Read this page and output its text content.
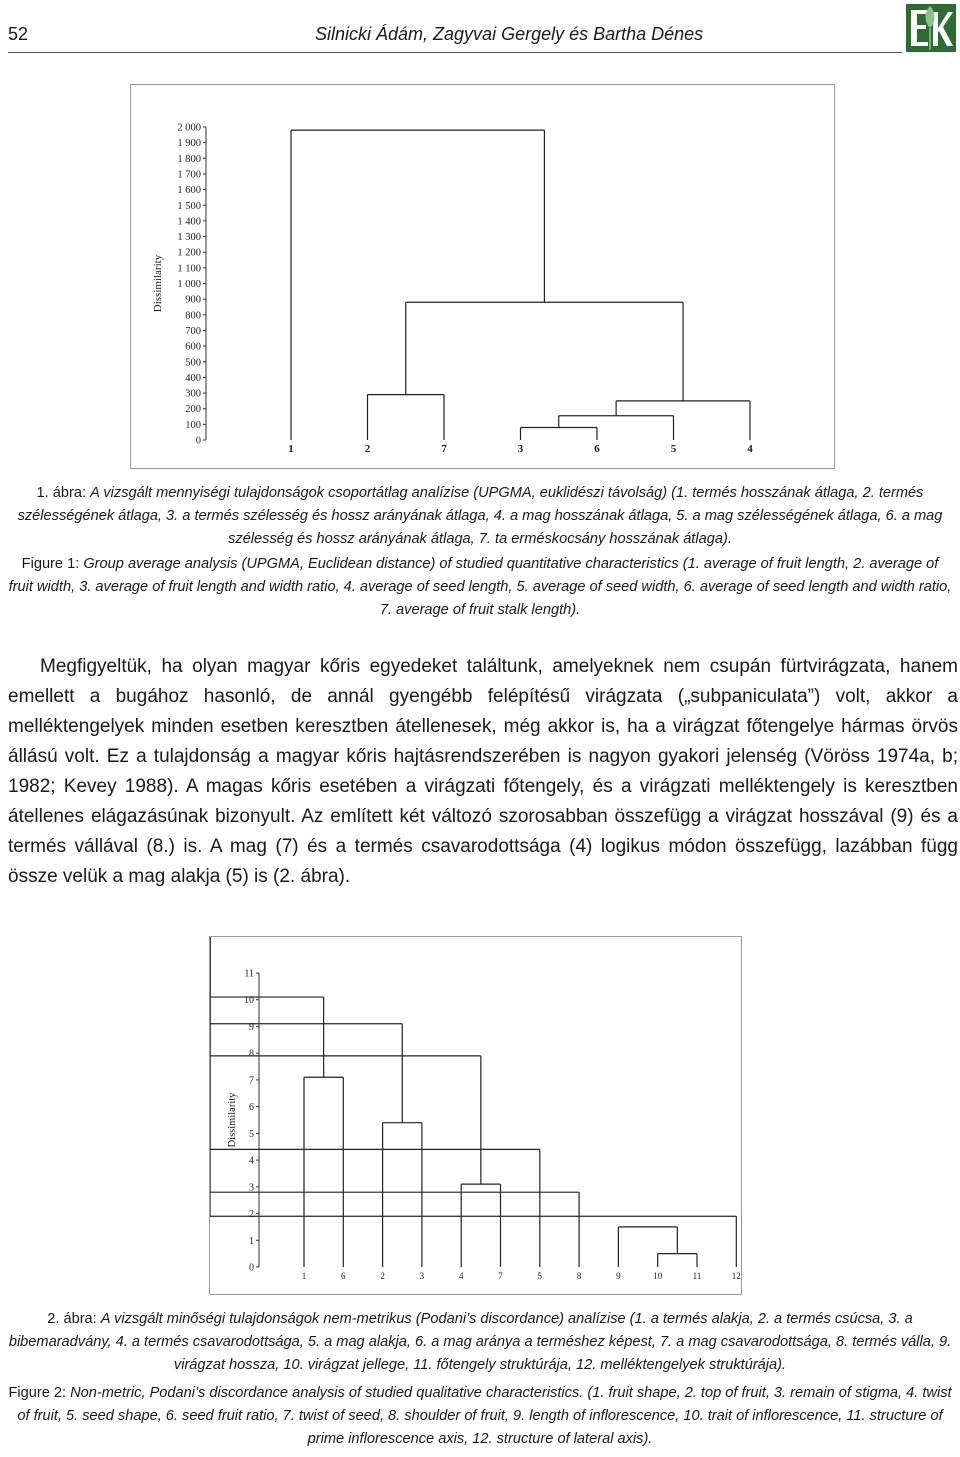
52	Silnicki Ádám, Zagyvai Gergely és Bartha Dénes
2 000
1 900
1 800
1 700
1 600
1 500
1 400
1 300
1 200
1 100
1 000
900
800
700
600
500
400
300
200
100
0
Dissimilarity
1	2	7	3	6	5	4
1. ábra: A vizsgált mennyiségi tulajdonságok csoportátlag analízise (UPGMA, euklidészi távolság) (1. termés hosszának átlaga, 2. termés szélességének átlaga, 3. a termés szélesség és hossz arányának átlaga, 4. a mag hosszának átlaga, 5. a mag szélességének átlaga, 6. a mag szélesség és hossz arányának átlaga, 7. ta erméskocsány hosszának átlaga).
Figure 1: Group average analysis (UPGMA, Euclidean distance) of studied quantitative characteristics (1. average of fruit length, 2. average of fruit width, 3. average of fruit length and width ratio, 4. average of seed length, 5. average of seed width, 6. average of seed length and width ratio, 7. average of fruit stalk length).
Megfigyeltük, ha olyan magyar kőris egyedeket találtunk, amelyeknek nem csupán fürtvirágzata, hanem emellett a bugához hasonló, de annál gyengébb felépítésű virágzata („subpaniculata”) volt, akkor a melléktengelyek minden esetben keresztben átellenesek, még akkor is, ha a virágzat főtengelye hármas örvös állású volt. Ez a tulajdonság a magyar kőris hajtásrendszerében is nagyon gyakori jelenség (Vöröss 1974a, b; 1982; Kevey 1988). A magas kőris esetében a virágzati főtengely, és a virágzati melléktengely is keresztben átellenes elágazásúnak bizonyult. Az említett két változó szorosabban összefügg a virágzat hosszával (9) és a termés vállával (8.) is. A mag (7) és a termés csavarodottsága (4) logikus módon összefügg, lazábban függ össze velük a mag alakja (5) is (2. ábra).
11
10
9
8
7
6
5
4
3
2
1
0
Dissimilarity
1	6	2	3	4	7	5	8	9	10	11	12
2. ábra: A vizsgált minőségi tulajdonságok nem-metrikus (Podani’s discordance) analízise (1. a termés alakja, 2. a termés csúcsa, 3. a bibemaradvány, 4. a termés csavarodottsága, 5. a mag alakja, 6. a mag aránya a terméshez képest, 7. a mag csavarodottsága, 8. termés válla, 9. virágzat hossza, 10. virágzat jellege, 11. főtengely struktúrája, 12. melléktengelyek struktúrája).
Figure 2: Non-metric, Podani’s discordance analysis of studied qualitative characteristics. (1. fruit shape, 2. top of fruit, 3. remain of stigma, 4. twist of fruit, 5. seed shape, 6. seed fruit ratio, 7. twist of seed, 8. shoulder of fruit, 9. length of inflorescence, 10. trait of inflorescence, 11. structure of prime inflorescence axis, 12. structure of lateral axis).
